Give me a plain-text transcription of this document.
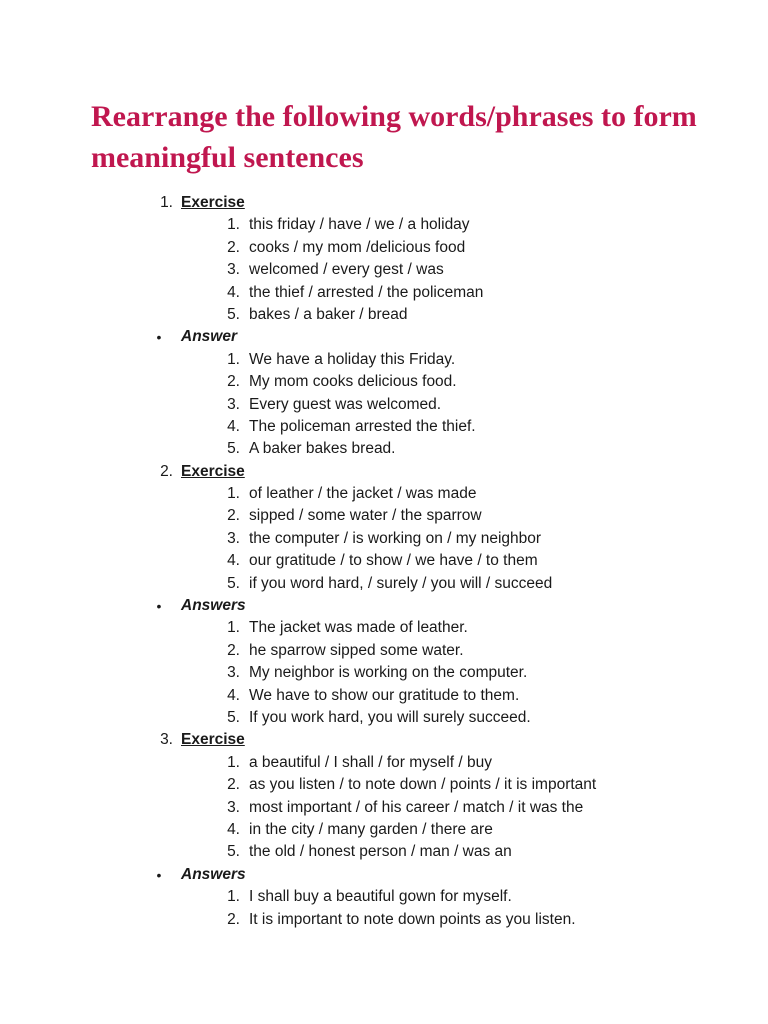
Rearrange the following words/phrases to form meaningful sentences
1. Exercise
1. this friday / have / we / a holiday
2. cooks / my mom /delicious food
3. welcomed / every gest / was
4. the thief / arrested / the policeman
5. bakes / a baker / bread
• Answer
1. We have a holiday this Friday.
2. My mom cooks delicious food.
3. Every guest was welcomed.
4. The policeman arrested the thief.
5. A baker bakes bread.
2. Exercise
1. of leather / the jacket / was made
2. sipped / some water / the sparrow
3. the computer / is working on / my neighbor
4. our gratitude / to show / we have / to them
5. if you word hard, / surely / you will / succeed
• Answers
1. The jacket was made of leather.
2. he sparrow sipped some water.
3. My neighbor is working on the computer.
4. We have to show our gratitude to them.
5. If you work hard, you will surely succeed.
3. Exercise
1. a beautiful / I shall / for myself / buy
2. as you listen / to note down / points / it is important
3. most important / of his career / match / it was the
4. in the city / many garden / there are
5. the old / honest person / man / was an
• Answers
1. I shall buy a beautiful gown for myself.
2. It is important to note down points as you listen.
